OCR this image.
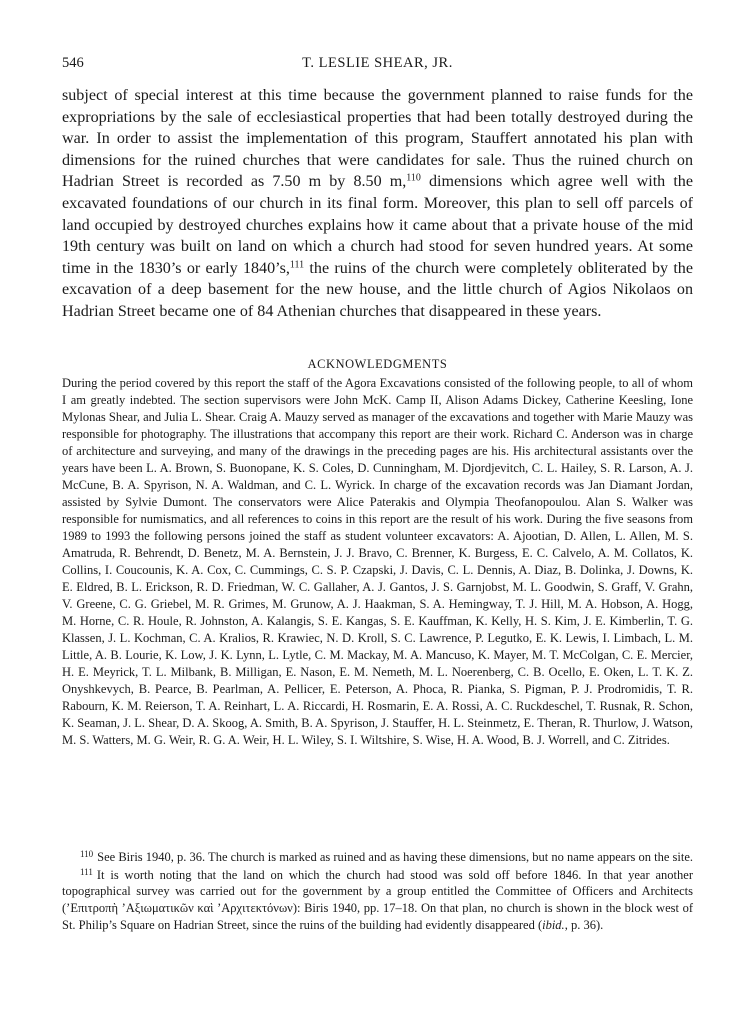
546	T. LESLIE SHEAR, JR.

subject of special interest at this time because the government planned to raise funds for the expropriations by the sale of ecclesiastical properties that had been totally destroyed during the war. In order to assist the implementation of this program, Stauffert annotated his plan with dimensions for the ruined churches that were candidates for sale. Thus the ruined church on Hadrian Street is recorded as 7.50 m by 8.50 m,$^{110}$ dimensions which agree well with the excavated foundations of our church in its final form. Moreover, this plan to sell off parcels of land occupied by destroyed churches explains how it came about that a private house of the mid 19th century was built on land on which a church had stood for seven hundred years. At some time in the 1830’s or early 1840’s,$^{111}$ the ruins of the church were completely obliterated by the excavation of a deep basement for the new house, and the little church of Agios Nikolaos on Hadrian Street became one of 84 Athenian churches that disappeared in these years.

ACKNOWLEDGMENTS

During the period covered by this report the staff of the Agora Excavations consisted of the following people, to all of whom I am greatly indebted. The section supervisors were John McK. Camp II, Alison Adams Dickey, Catherine Keesling, Ione Mylonas Shear, and Julia L. Shear. Craig A. Mauzy served as manager of the excavations and together with Marie Mauzy was responsible for photography. The illustrations that accompany this report are their work. Richard C. Anderson was in charge of architecture and surveying, and many of the drawings in the preceding pages are his. His architectural assistants over the years have been L. A. Brown, S. Buonopane, K. S. Coles, D. Cunningham, M. Djordjevitch, C. L. Hailey, S. R. Larson, A. J. McCune, B. A. Spyrison, N. A. Waldman, and C. L. Wyrick. In charge of the excavation records was Jan Diamant Jordan, assisted by Sylvie Dumont. The conservators were Alice Paterakis and Olympia Theofanopoulou. Alan S. Walker was responsible for numismatics, and all references to coins in this report are the result of his work. During the five seasons from 1989 to 1993 the following persons joined the staff as student volunteer excavators: A. Ajootian, D. Allen, L. Allen, M. S. Amatruda, R. Behrendt, D. Benetz, M. A. Bernstein, J. J. Bravo, C. Brenner, K. Burgess, E. C. Calvelo, A. M. Collatos, K. Collins, I. Coucounis, K. A. Cox, C. Cummings, C. S. P. Czapski, J. Davis, C. L. Dennis, A. Diaz, B. Dolinka, J. Downs, K. E. Eldred, B. L. Erickson, R. D. Friedman, W. C. Gallaher, A. J. Gantos, J. S. Garnjobst, M. L. Goodwin, S. Graff, V. Grahn, V. Greene, C. G. Griebel, M. R. Grimes, M. Grunow, A. J. Haakman, S. A. Hemingway, T. J. Hill, M. A. Hobson, A. Hogg, M. Horne, C. R. Houle, R. Johnston, A. Kalangis, S. E. Kangas, S. E. Kauffman, K. Kelly, H. S. Kim, J. E. Kimberlin, T. G. Klassen, J. L. Kochman, C. A. Kralios, R. Krawiec, N. D. Kroll, S. C. Lawrence, P. Legutko, E. K. Lewis, I. Limbach, L. M. Little, A. B. Lourie, K. Low, J. K. Lynn, L. Lytle, C. M. Mackay, M. A. Mancuso, K. Mayer, M. T. McColgan, C. E. Mercier, H. E. Meyrick, T. L. Milbank, B. Milligan, E. Nason, E. M. Nemeth, M. L. Noerenberg, C. B. Ocello, E. Oken, L. T. K. Z. Onyshkevych, B. Pearce, B. Pearlman, A. Pellicer, E. Peterson, A. Phoca, R. Pianka, S. Pigman, P. J. Prodromidis, T. R. Rabourn, K. M. Reierson, T. A. Reinhart, L. A. Riccardi, H. Rosmarin, E. A. Rossi, A. C. Ruckdeschel, T. Rusnak, R. Schon, K. Seaman, J. L. Shear, D. A. Skoog, A. Smith, B. A. Spyrison, J. Stauffer, H. L. Steinmetz, E. Theran, R. Thurlow, J. Watson, M. S. Watters, M. G. Weir, R. G. A. Weir, H. L. Wiley, S. I. Wiltshire, S. Wise, H. A. Wood, B. J. Worrell, and C. Zitrides.

$^{110}$ See Biris 1940, p. 36. The church is marked as ruined and as having these dimensions, but no name appears on the site.

$^{111}$ It is worth noting that the land on which the church had stood was sold off before 1846. In that year another topographical survey was carried out for the government by a group entitled the Committee of Officers and Architects (’Επιτροπὴ ’Αξιωματικῶν καὶ ’Αρχιτεκτόνων): Biris 1940, pp. 17–18. On that plan, no church is shown in the block west of St. Philip’s Square on Hadrian Street, since the ruins of the building had evidently disappeared (ibid., p. 36).
